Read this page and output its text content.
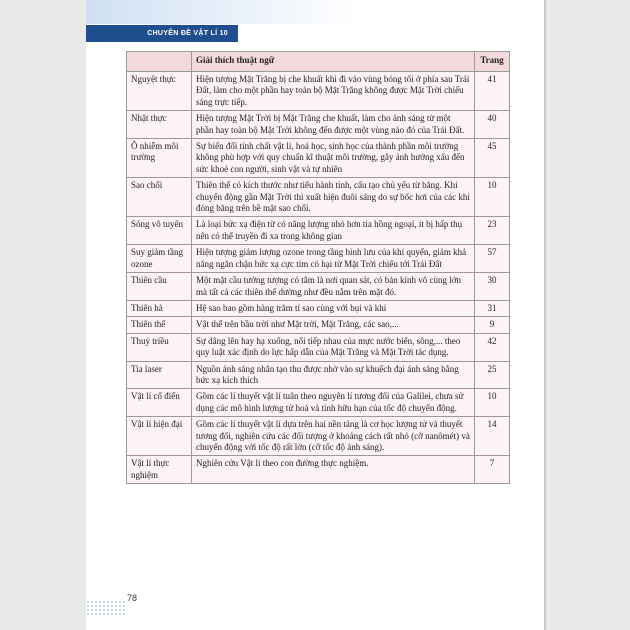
CHUYÊN ĐỀ VẬT LÍ 10
	Giải thích thuật ngữ	Trang
Nguyệt thực	Hiện tượng Mặt Trăng bị che khuất khi đi vào vùng bóng tối ở phía sau Trái Đất, làm cho một phần hay toàn bộ Mặt Trăng không được Mặt Trời chiếu sáng trực tiếp.	41
Nhật thực	Hiện tượng Mặt Trời bị Mặt Trăng che khuất, làm cho ánh sáng từ một phần hay toàn bộ Mặt Trời không đến được một vùng nào đó của Trái Đất.	40
Ô nhiễm môi trường	Sự biến đổi tính chất vật lí, hoá học, sinh học của thành phần môi trường không phù hợp với quy chuẩn kĩ thuật môi trường, gây ảnh hưởng xấu đến sức khoẻ con người, sinh vật và tự nhiên	45
Sao chổi	Thiên thể có kích thước như tiểu hành tinh, cấu tạo chủ yếu từ băng. Khi chuyển động gần Mặt Trời thì xuất hiện đuôi sáng do sự bốc hơi của các khí đóng băng trên bề mặt sao chổi.	10
Sóng vô tuyến	Là loại bức xạ điện từ có năng lượng nhỏ hơn tia hồng ngoại, ít bị hấp thụ nên có thể truyền đi xa trong không gian	23
Suy giảm tầng ozone	Hiện tượng giảm lượng ozone trong tầng bình lưu của khí quyển, giảm khả năng ngăn chặn bức xạ cực tím có hại từ Mặt Trời chiếu tới Trái Đất	57
Thiên cầu	Một mặt cầu tưởng tượng có tâm là nơi quan sát, có bán kính vô cùng lớn mà tất cả các thiên thể dường như đều nằm trên mặt đó.	30
Thiên hà	Hệ sao bao gồm hàng trăm tỉ sao cùng với bụi và khí	31
Thiên thể	Vật thể trên bầu trời như Mặt trời, Mặt Trăng, các sao,...	9
Thuỷ triều	Sự dâng lên hay hạ xuống, nối tiếp nhau của mực nước biển, sông,... theo quy luật xác định do lực hấp dẫn của Mặt Trăng và Mặt Trời tác dụng.	42
Tia laser	Nguồn ánh sáng nhân tạo thu được nhờ vào sự khuếch đại ánh sáng bằng bức xạ kích thích	25
Vật lí cổ điển	Gồm các lí thuyết vật lí tuân theo nguyên lí tương đối của Galilei, chưa sử dụng các mô hình lượng tử hoá và tính hữu hạn của tốc độ chuyển động.	10
Vật lí hiện đại	Gồm các lí thuyết vật lí dựa trên hai nền tảng là cơ học lượng tử và thuyết tương đối, nghiên cứu các đối tượng ở khoảng cách rất nhỏ (cỡ nanômét) và chuyển động với tốc độ rất lớn (cỡ tốc độ ánh sáng).	14
Vật lí thực nghiệm	Nghiên cứu Vật lí theo con đường thực nghiệm.	7
78
